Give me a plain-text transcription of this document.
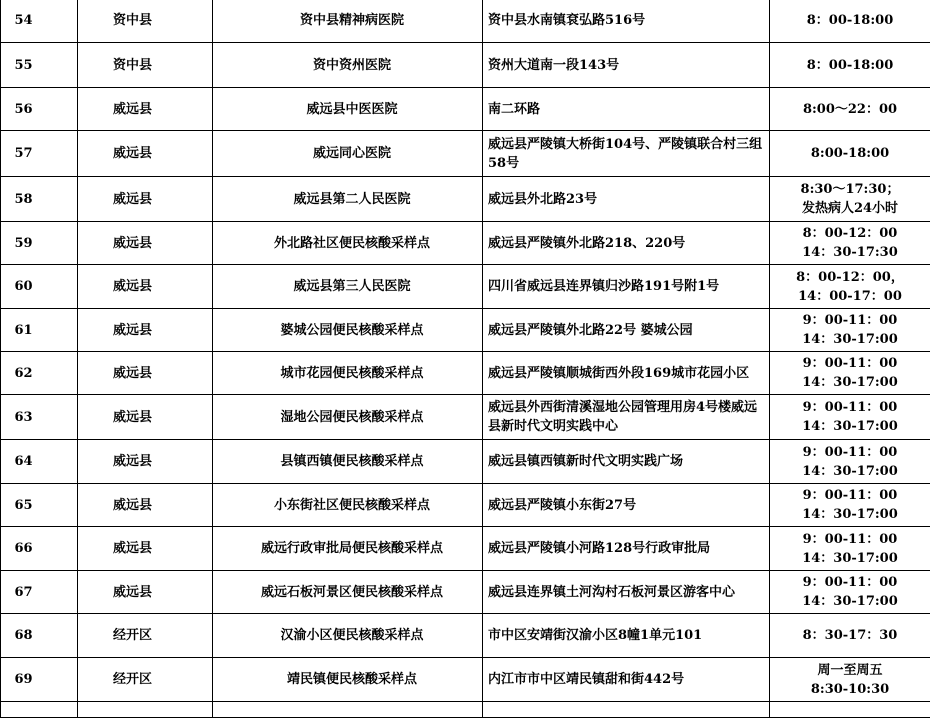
54	资中县	资中县精神病医院	资中县水南镇袞弘路516号	8：00-18:00
55	资中县	资中资州医院	资州大道南一段143号	8：00-18:00
56	威远县	威远县中医医院	南二环路	8:00～22：00
57	威远县	威远同心医院	威远县严陵镇大桥街104号、严陵镇联合村三组58号	8:00-18:00
58	威远县	威远县第二人民医院	威远县外北路23号	8:30～17:30；
发热病人24小时
59	威远县	外北路社区便民核酸采样点	威远县严陵镇外北路218、220号	8：00-12：00
14：30-17:30
60	威远县	威远县第三人民医院	四川省威远县连界镇归沙路191号附1号	8：00-12：00，
14：00-17：00
61	威远县	婆城公园便民核酸采样点	威远县严陵镇外北路22号 婆城公园	9：00-11：00
14：30-17:00
62	威远县	城市花园便民核酸采样点	威远县严陵镇顺城街西外段169城市花园小区	9：00-11：00
14：30-17:00
63	威远县	湿地公园便民核酸采样点	威远县外西街清溪湿地公园管理用房4号楼威远县新时代文明实践中心	9：00-11：00
14：30-17:00
64	威远县	县镇西镇便民核酸采样点	威远县镇西镇新时代文明实践广场	9：00-11：00
14：30-17:00
65	威远县	小东街社区便民核酸采样点	威远县严陵镇小东街27号	9：00-11：00
14：30-17:00
66	威远县	威远行政审批局便民核酸采样点	威远县严陵镇小河路128号行政审批局	9：00-11：00
14：30-17:00
67	威远县	威远石板河景区便民核酸采样点	威远县连界镇土河沟村石板河景区游客中心	9：00-11：00
14：30-17:00
68	经开区	汉渝小区便民核酸采样点	市中区安靖街汉渝小区8幢1单元101	8：30-17：30
69	经开区	靖民镇便民核酸采样点	内江市市中区靖民镇甜和街442号	周一至周五
8:30-10:30
